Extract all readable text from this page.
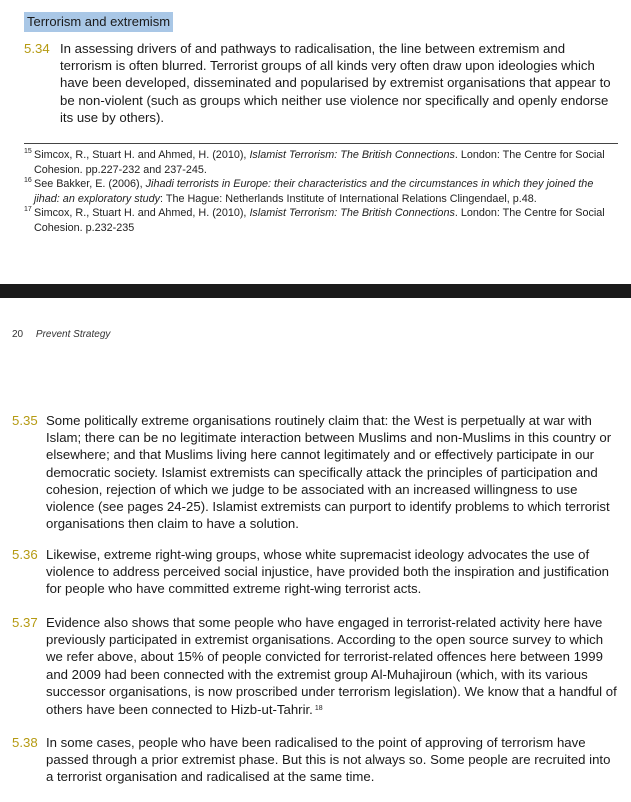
Terrorism and extremism
5.34 In assessing drivers of and pathways to radicalisation, the line between extremism and terrorism is often blurred. Terrorist groups of all kinds very often draw upon ideologies which have been developed, disseminated and popularised by extremist organisations that appear to be non-violent (such as groups which neither use violence nor specifically and openly endorse its use by others).
15 Simcox, R., Stuart H. and Ahmed, H. (2010), Islamist Terrorism: The British Connections. London: The Centre for Social Cohesion. pp.227-232 and 237-245.
16 See Bakker, E. (2006), Jihadi terrorists in Europe: their characteristics and the circumstances in which they joined the jihad: an exploratory study: The Hague: Netherlands Institute of International Relations Clingendael, p.48.
17 Simcox, R., Stuart H. and Ahmed, H. (2010), Islamist Terrorism: The British Connections. London: The Centre for Social Cohesion. p.232-235
20 Prevent Strategy
5.35 Some politically extreme organisations routinely claim that: the West is perpetually at war with Islam; there can be no legitimate interaction between Muslims and non-Muslims in this country or elsewhere; and that Muslims living here cannot legitimately and or effectively participate in our democratic society. Islamist extremists can specifically attack the principles of participation and cohesion, rejection of which we judge to be associated with an increased willingness to use violence (see pages 24-25). Islamist extremists can purport to identify problems to which terrorist organisations then claim to have a solution.
5.36 Likewise, extreme right-wing groups, whose white supremacist ideology advocates the use of violence to address perceived social injustice, have provided both the inspiration and justification for people who have committed extreme right-wing terrorist acts.
5.37 Evidence also shows that some people who have engaged in terrorist-related activity here have previously participated in extremist organisations. According to the open source survey to which we refer above, about 15% of people convicted for terrorist-related offences here between 1999 and 2009 had been connected with the extremist group Al-Muhajiroun (which, with its various successor organisations, is now proscribed under terrorism legislation). We know that a handful of others have been connected to Hizb-ut-Tahrir. $^{18}$
5.38 In some cases, people who have been radicalised to the point of approving of terrorism have passed through a prior extremist phase. But this is not always so. Some people are recruited into a terrorist organisation and radicalised at the same time.
